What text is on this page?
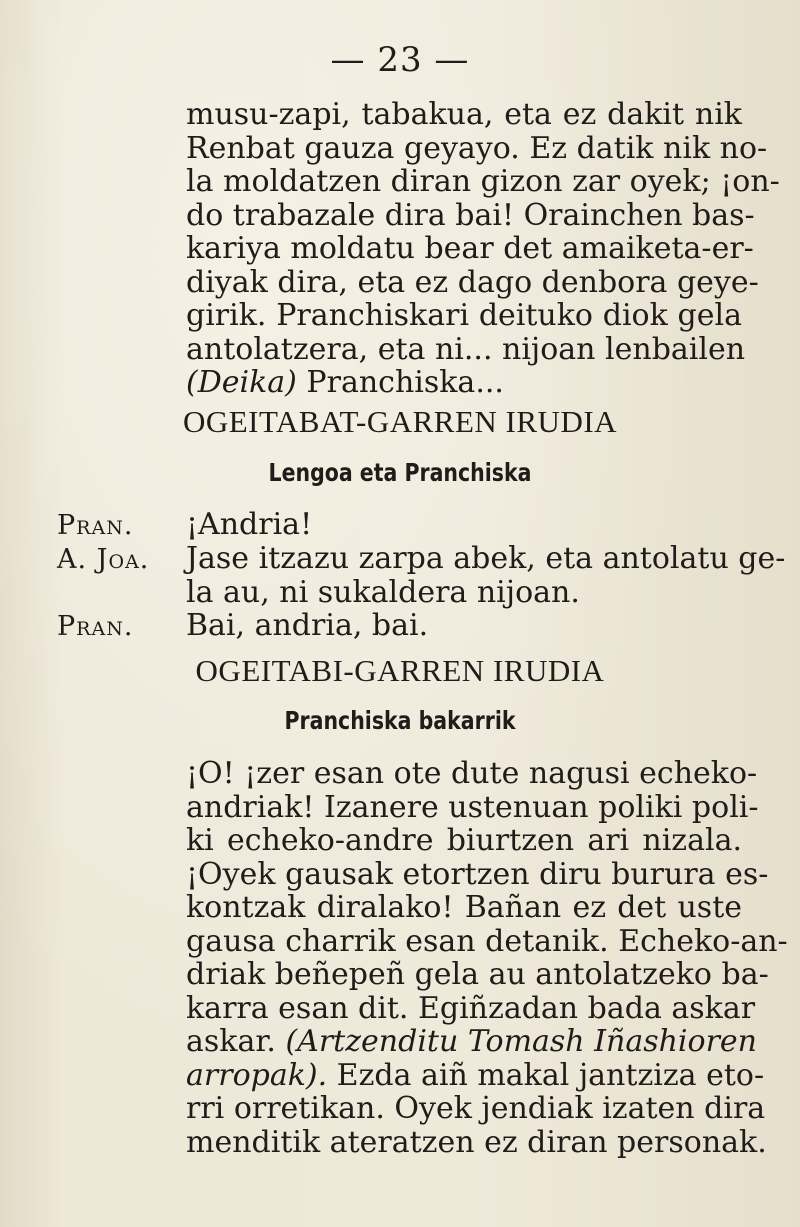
— 23 —
musu-zapi, tabakua, eta ez dakit nik
Renbat gauza geyayo. Ez datik nik no-
la moldatzen diran gizon zar oyek; ¡on-
do trabazale dira bai! Orainchen bas-
kariya moldatu bear det amaiketa-er-
diyak dira, eta ez dago denbora geye-
girik. Pranchiskari deituko diok gela
antolatzera, eta ni... nijoan lenbailen
(Deika) Pranchiska...
OGEITABAT-GARREN IRUDIA
Lengoa eta Pranchiska
Pran. ¡Andria!
A. Joa. Jase itzazu zarpa abek, eta antolatu ge-
la au, ni sukaldera nijoan.
Pran. Bai, andria, bai.
OGEITABI-GARREN IRUDIA
Pranchiska bakarrik
¡O! ¡zer esan ote dute nagusi echeko-
andriak! Izanere ustenuan poliki poli-
ki echeko-andre biurtzen ari nizala.
¡Oyek gausak etortzen diru burura es-
kontzak diralako! Bañan ez det uste
gausa charrik esan detanik. Echeko-an-
driak beñepeñ gela au antolatzeko ba-
karra esan dit. Egiñzadan bada askar
askar. (Artzenditu Tomash Iñashioren
arropak). Ezda aiñ makal jantziza eto-
rri orretikan. Oyek jendiak izaten dira
menditik ateratzen ez diran personak.
